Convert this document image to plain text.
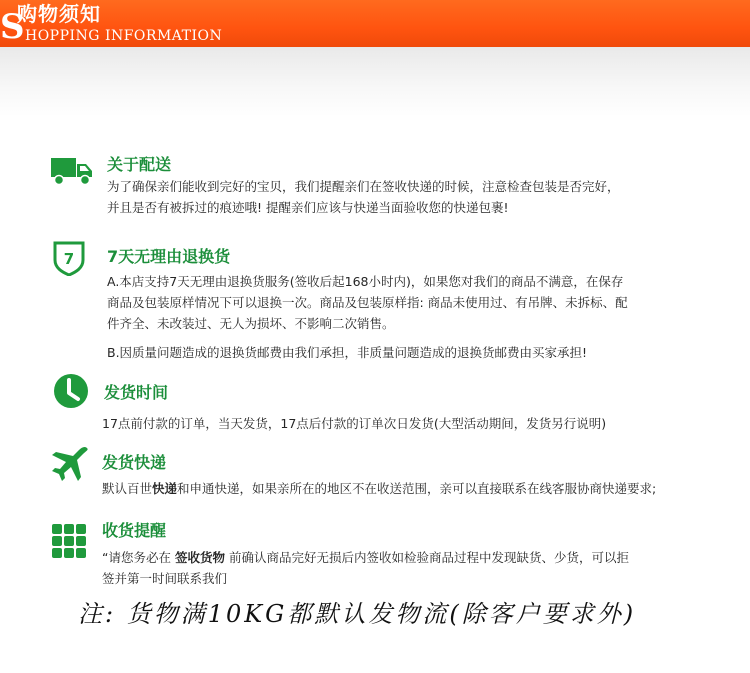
S
购物须知
HOPPING INFORMATION
关于配送
为了确保亲们能收到完好的宝贝，我们提醒亲们在签收快递的时候，注意检查包装是否完好，
并且是否有被拆过的痕迹哦! 提醒亲们应该与快递当面验收您的快递包裹!
7 7天无理由退换货
A.本店支持7天无理由退换货服务(签收后起168小时内)，如果您对我们的商品不满意，在保存
商品及包装原样情况下可以退换一次。商品及包装原样指: 商品未使用过、有吊牌、未拆标、配
件齐全、未改装过、无人为损坏、不影响二次销售。
B.因质量问题造成的退换货邮费由我们承担，非质量问题造成的退换货邮费由买家承担!
发货时间
17点前付款的订单，当天发货，17点后付款的订单次日发货(大型活动期间，发货另行说明)
发货快递
默认百世快递和申通快递，如果亲所在的地区不在收送范围，亲可以直接联系在线客服协商快递要求;
收货提醒
“请您务必在 签收货物 前确认商品完好无损后内签收如检验商品过程中发现缺货、少货，可以拒
签并第一时间联系我们
注: 货物满10KG都默认发物流(除客户要求外)
